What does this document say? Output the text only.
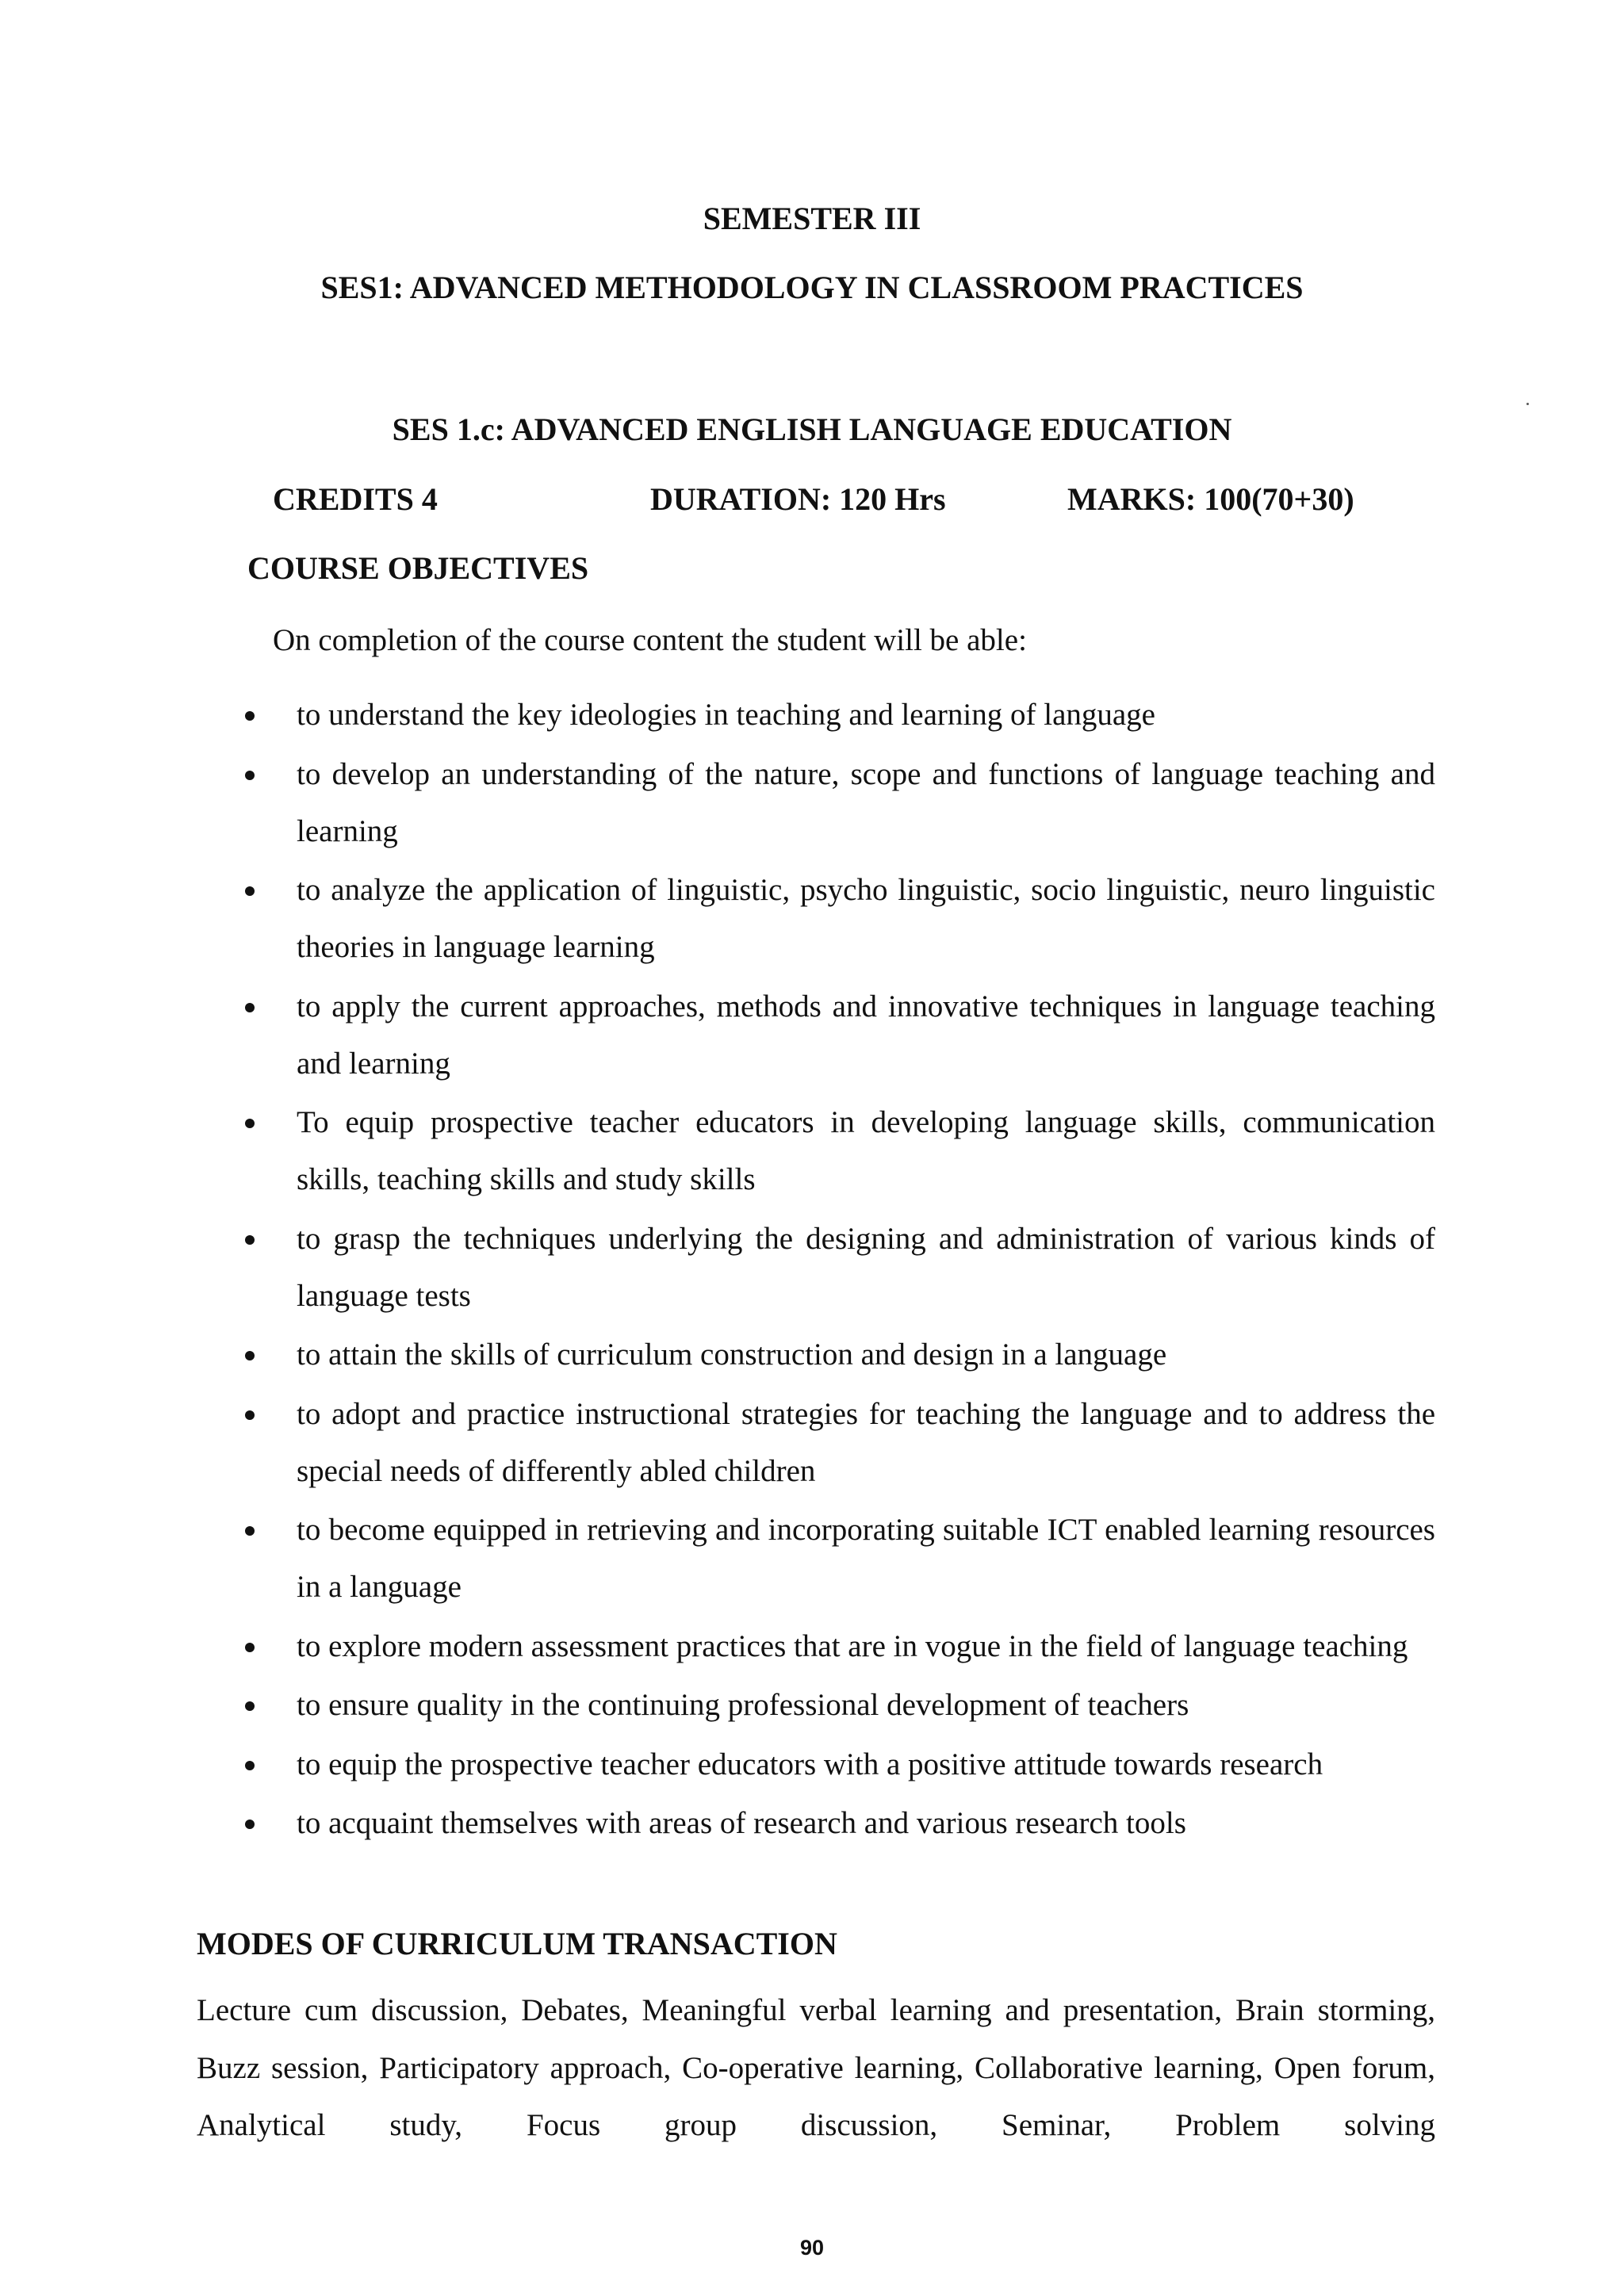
SEMESTER III
SES1: ADVANCED METHODOLOGY IN CLASSROOM PRACTICES
SES 1.c: ADVANCED ENGLISH LANGUAGE EDUCATION
CREDITS 4	DURATION: 120 Hrs	MARKS: 100(70+30)
COURSE OBJECTIVES
On completion of the course content the student will be able:
to understand the key ideologies in teaching and learning of language
to develop an understanding of the nature, scope and functions of language teaching and learning
to analyze the application of linguistic, psycho linguistic, socio linguistic, neuro linguistic theories in language learning
to apply the current approaches, methods and innovative techniques in language teaching and learning
To equip prospective teacher educators in developing language skills, communication skills, teaching skills and study skills
to grasp the techniques underlying the designing and administration of various kinds of language tests
to attain the skills of curriculum construction and design in a language
to adopt and practice instructional strategies for teaching the language and to address the special needs of differently abled children
to become equipped in retrieving and incorporating suitable ICT enabled learning resources in a language
to explore modern assessment practices that are in vogue in the field of language teaching
to ensure quality in the continuing professional development of teachers
to equip the prospective teacher educators with a positive attitude towards research
to acquaint themselves with areas of research and various research tools
MODES OF CURRICULUM TRANSACTION

Lecture cum discussion, Debates, Meaningful verbal learning and presentation, Brain storming, Buzz session, Participatory approach, Co-operative learning, Collaborative learning, Open forum, Analytical study, Focus group discussion, Seminar, Problem solving

90
